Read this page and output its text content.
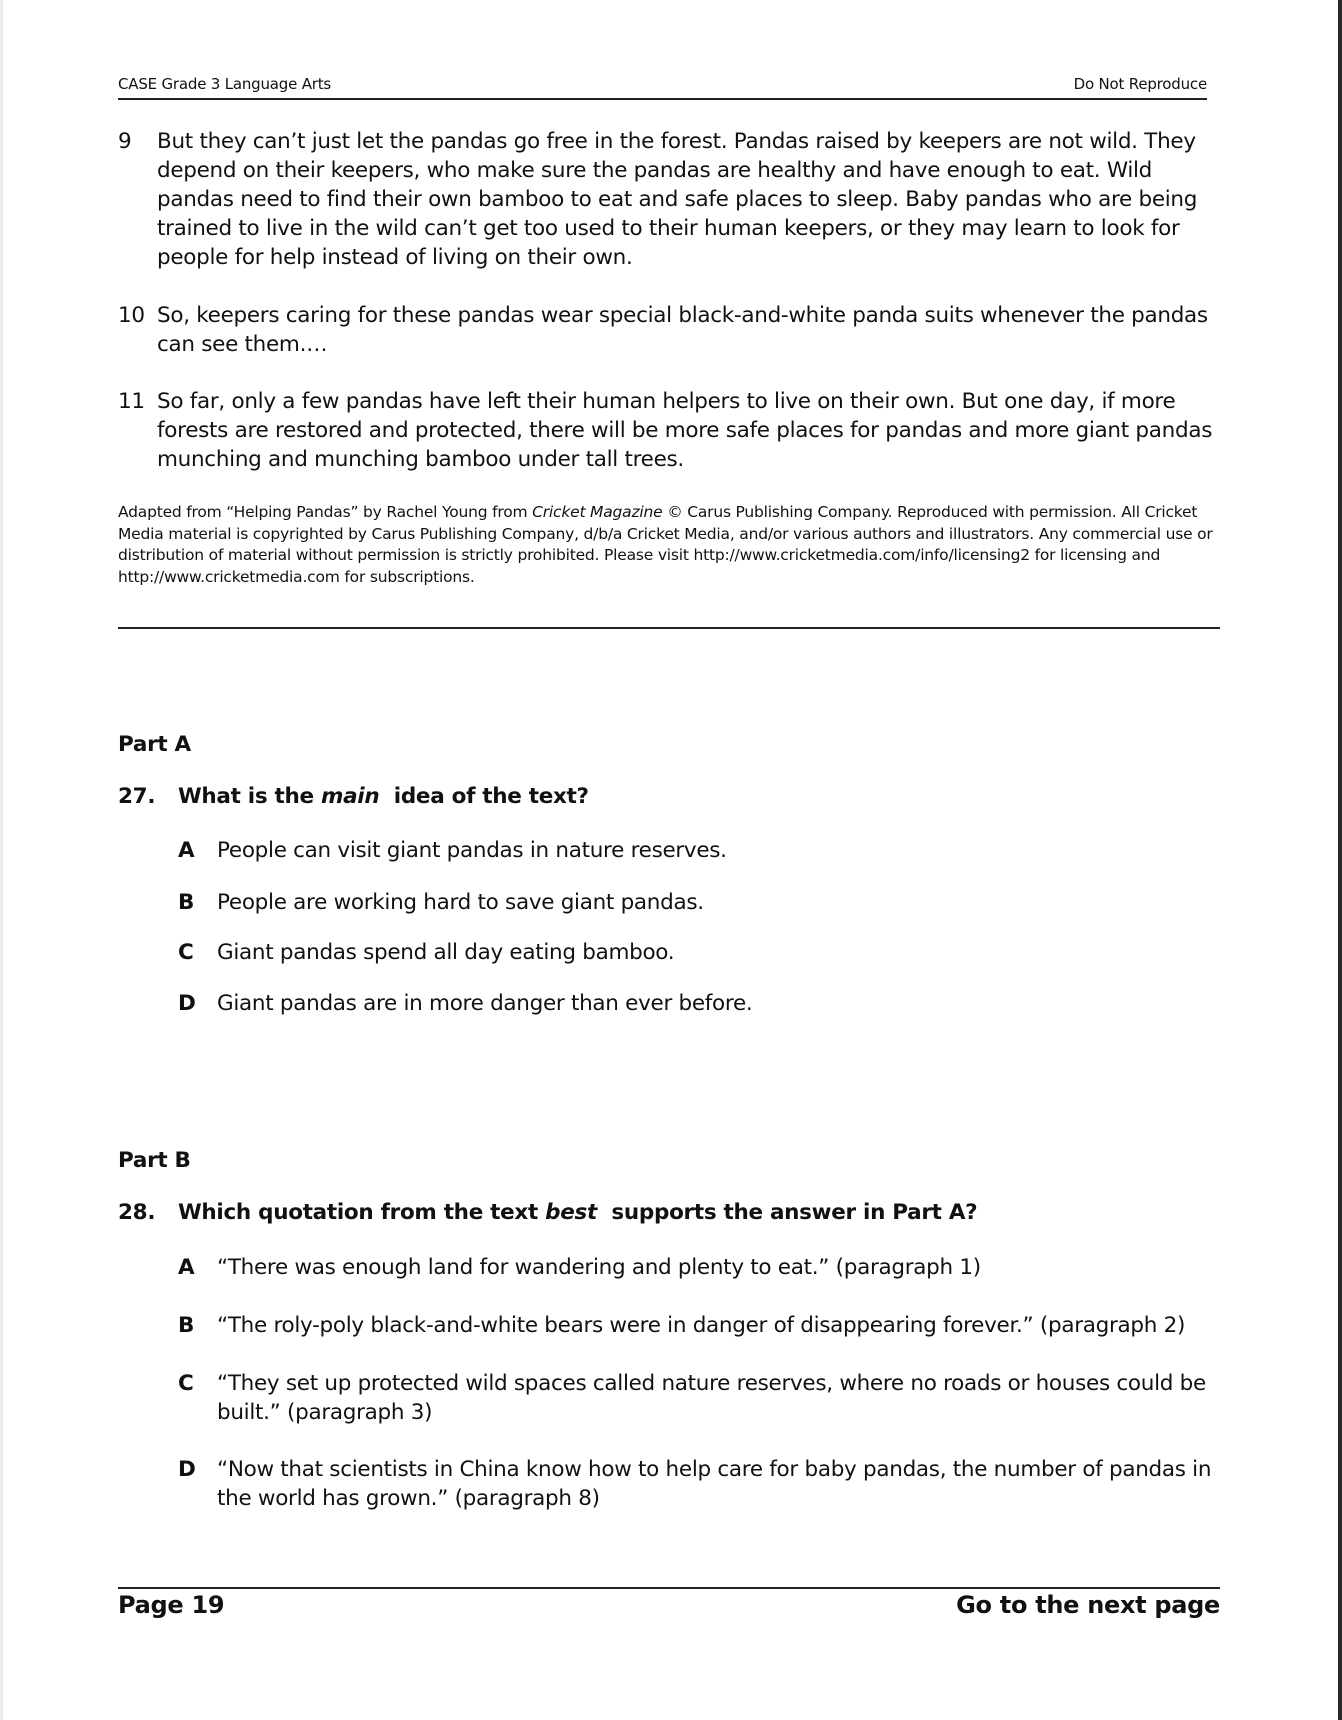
CASE Grade 3 Language Arts	Do Not Reproduce
9 But they can’t just let the pandas go free in the forest. Pandas raised by keepers are not wild. They depend on their keepers, who make sure the pandas are healthy and have enough to eat. Wild pandas need to find their own bamboo to eat and safe places to sleep. Baby pandas who are being trained to live in the wild can’t get too used to their human keepers, or they may learn to look for people for help instead of living on their own.
10 So, keepers caring for these pandas wear special black-and-white panda suits whenever the pandas can see them.…
11 So far, only a few pandas have left their human helpers to live on their own. But one day, if more forests are restored and protected, there will be more safe places for pandas and more giant pandas munching and munching bamboo under tall trees.
Adapted from “Helping Pandas” by Rachel Young from Cricket Magazine © Carus Publishing Company. Reproduced with permission. All Cricket Media material is copyrighted by Carus Publishing Company, d/b/a Cricket Media, and/or various authors and illustrators. Any commercial use or distribution of material without permission is strictly prohibited. Please visit http://www.cricketmedia.com/info/licensing2 for licensing and http://www.cricketmedia.com for subscriptions.
Part A
27. What is the main  idea of the text?
A People can visit giant pandas in nature reserves.
B People are working hard to save giant pandas.
C Giant pandas spend all day eating bamboo.
D Giant pandas are in more danger than ever before.
Part B
28. Which quotation from the text best  supports the answer in Part A?
A “There was enough land for wandering and plenty to eat.” (paragraph 1)
B “The roly-poly black-and-white bears were in danger of disappearing forever.” (paragraph 2)
C “They set up protected wild spaces called nature reserves, where no roads or houses could be built.” (paragraph 3)
D “Now that scientists in China know how to help care for baby pandas, the number of pandas in the world has grown.” (paragraph 8)
Page 19	Go to the next page
